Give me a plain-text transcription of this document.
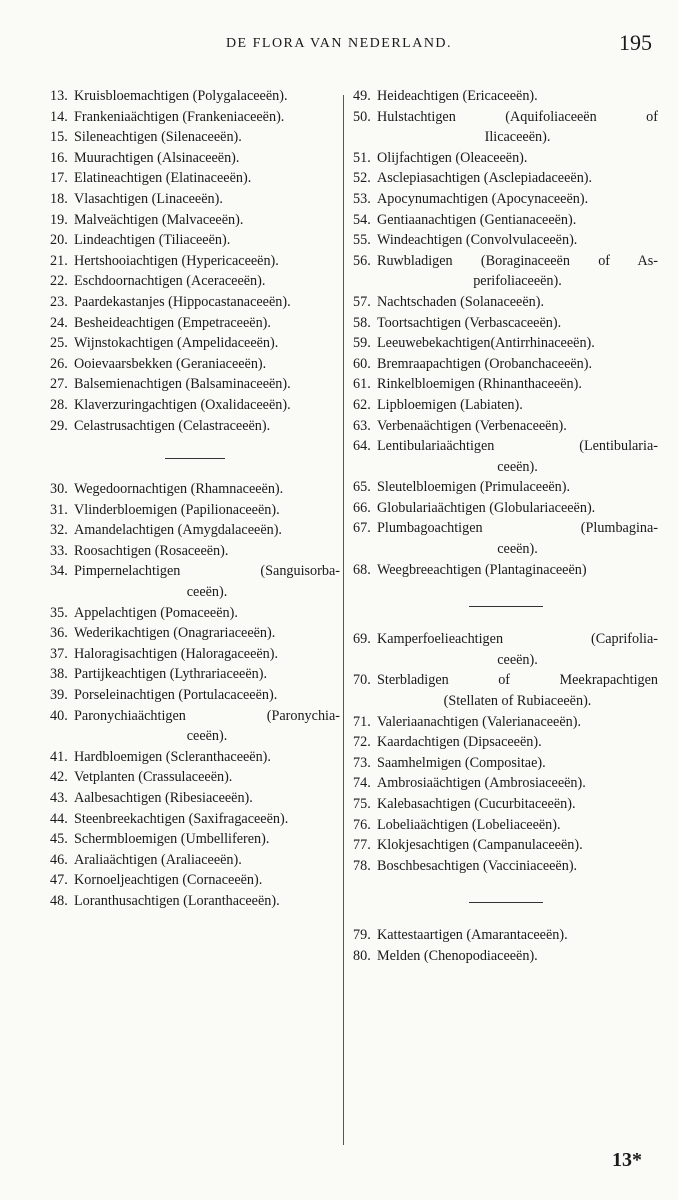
DE FLORA VAN NEDERLAND.	195
13. Kruisbloemachtigen (Polygalaceeën).
14. Frankeniaächtigen (Frankeniaceeën).
15. Sileneachtigen (Silenaceeën).
16. Muurachtigen (Alsinaceeën).
17. Elatineachtigen (Elatinaceeën).
18. Vlasachtigen (Linaceeën).
19. Malveächtigen (Malvaceeën).
20. Lindeachtigen (Tiliaceeën).
21. Hertshooiachtigen (Hypericaceeën).
22. Eschdoornachtigen (Aceraceeën).
23. Paardekastanjes (Hippocastanaceeën).
24. Besheideachtigen (Empetraceeën).
25. Wijnstokachtigen (Ampelidaceeën).
26. Ooievaarsbekken (Geraniaceeën).
27. Balsemienachtigen (Balsaminaceeën).
28. Klaverzuringachtigen (Oxalidaceeën).
29. Celastrusachtigen (Celastraceeën).
30. Wegedoornachtigen (Rhamnaceeën).
31. Vlinderbloemigen (Papilionaceeën).
32. Amandelachtigen (Amygdalaceeën).
33. Roosachtigen (Rosaceeën).
34. Pimpernelachtigen (Sanguisorba-
ceeën).
35. Appelachtigen (Pomaceeën).
36. Wederikachtigen (Onagrariaceeën).
37. Haloragisachtigen (Haloragaceeën).
38. Partijkeachtigen (Lythrariaceeën).
39. Porseleinachtigen (Portulacaceeën).
40. Paronychiaächtigen (Paronychia-
ceeën).
41. Hardbloemigen (Scleranthaceeën).
42. Vetplanten (Crassulaceeën).
43. Aalbesachtigen (Ribesiaceeën).
44. Steenbreekachtigen (Saxifragaceeën).
45. Schermbloemigen (Umbelliferen).
46. Araliaächtigen (Araliaceeën).
47. Kornoeljeachtigen (Cornaceeën).
48. Loranthusachtigen (Loranthaceeën).
49. Heideachtigen (Ericaceeën).
50. Hulstachtigen (Aquifoliaceeën of
Ilicaceeën).
51. Olijfachtigen (Oleaceeën).
52. Asclepiasachtigen (Asclepiadaceeën).
53. Apocynumachtigen (Apocynaceeën).
54. Gentiaanachtigen (Gentianaceeën).
55. Windeachtigen (Convolvulaceeën).
56. Ruwbladigen (Boraginaceeën of As-
perifoliaceeën).
57. Nachtschaden (Solanaceeën).
58. Toortsachtigen (Verbascaceeën).
59. Leeuwebekachtigen(Antirrhinaceeën).
60. Bremraapachtigen (Orobanchaceeën).
61. Rinkelbloemigen (Rhinanthaceeën).
62. Lipbloemigen (Labiaten).
63. Verbenaächtigen (Verbenaceeën).
64. Lentibulariaächtigen (Lentibularia-
ceeën).
65. Sleutelbloemigen (Primulaceeën).
66. Globulariaächtigen (Globulariaceeën).
67. Plumbagoachtigen (Plumbagina-
ceeën).
68. Weegbreeachtigen (Plantaginaceeën)
69. Kamperfoelieachtigen (Caprifolia-
ceeën).
70. Sterbladigen of Meekrapachtigen
(Stellaten of Rubiaceeën).
71. Valeriaanachtigen (Valerianaceeën).
72. Kaardachtigen (Dipsaceeën).
73. Saamhelmigen (Compositae).
74. Ambrosiaächtigen (Ambrosiaceeën).
75. Kalebasachtigen (Cucurbitaceeën).
76. Lobeliaächtigen (Lobeliaceeën).
77. Klokjesachtigen (Campanulaceeën).
78. Boschbesachtigen (Vacciniaceeën).
79. Kattestaartigen (Amarantaceeën).
80. Melden (Chenopodiaceeën).
13*
